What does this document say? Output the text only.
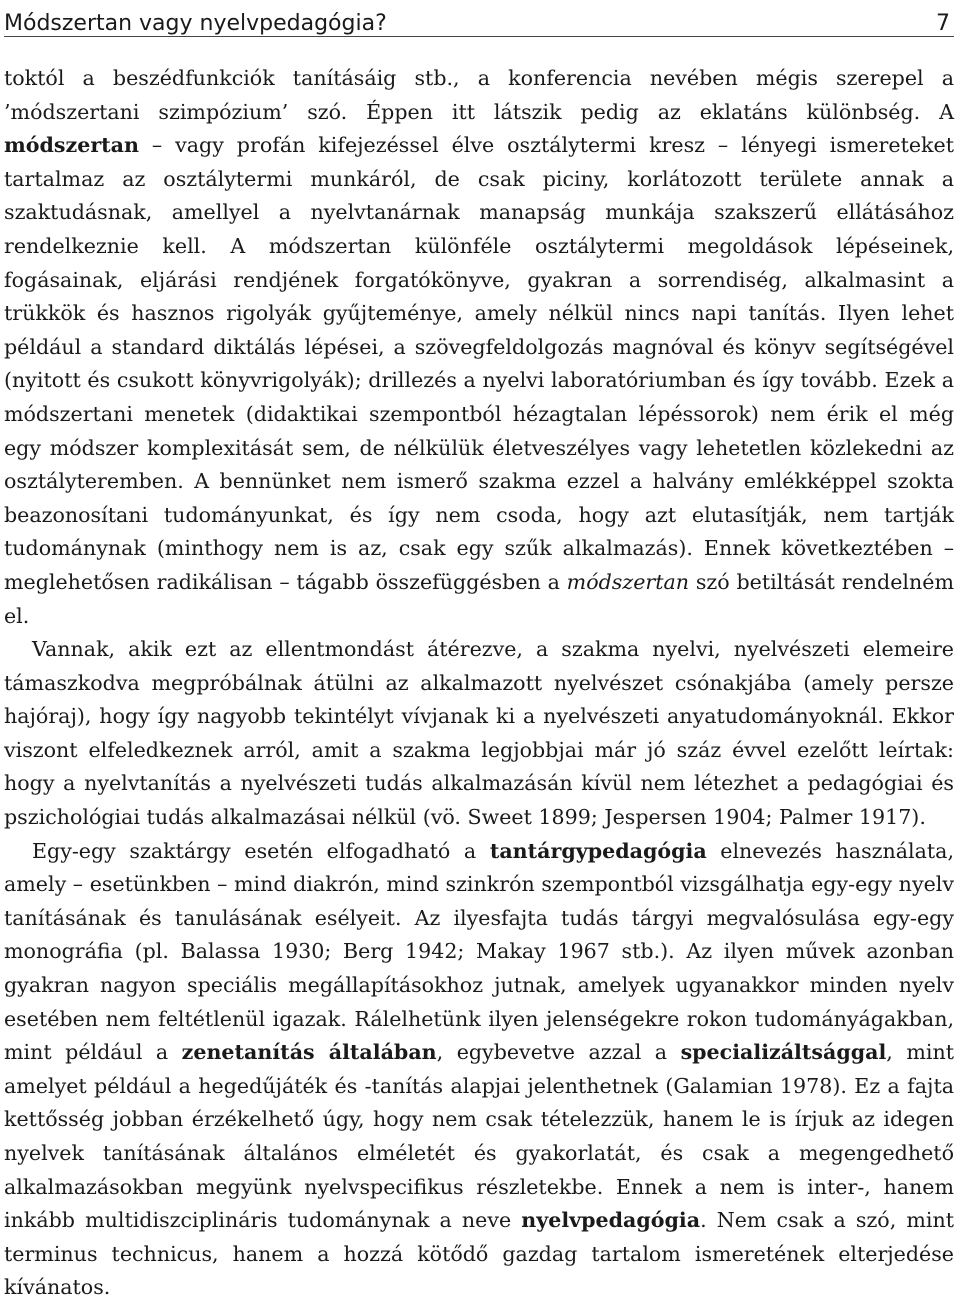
Módszertan vagy nyelvpedagógia?	7

toktól a beszédfunkciók tanításáig stb., a konferencia nevében mégis szerepel a ’módszertani szimpózium’ szó. Éppen itt látszik pedig az eklatáns különbség. A módszertan – vagy profán kifejezéssel élve osztálytermi kresz – lényegi ismereteket tartalmaz az osztálytermi munkáról, de csak piciny, korlátozott területe annak a szaktudásnak, amellyel a nyelvtanárnak manapság munkája szakszerű ellátásához rendelkeznie kell. A módszertan különféle osztálytermi megoldások lépéseinek, fogásainak, eljárási rendjének forgatókönyve, gyakran a sorrendiség, alkalmasint a trükkök és hasznos rigolyák gyűjteménye, amely nélkül nincs napi tanítás. Ilyen lehet például a standard diktálás lépései, a szövegfeldolgozás magnóval és könyv segítségével (nyitott és csukott könyvrigolyák); drillezés a nyelvi laboratóriumban és így tovább. Ezek a módszertani menetek (didaktikai szempontból hézagtalan lépéssorok) nem érik el még egy módszer komplexitását sem, de nélkülük életveszélyes vagy lehetetlen közlekedni az osztályteremben. A bennünket nem ismerő szakma ezzel a halvány emlékképpel szokta beazonosítani tudományunkat, és így nem csoda, hogy azt elutasítják, nem tartják tudománynak (minthogy nem is az, csak egy szűk alkalmazás). Ennek következtében – meglehetősen radikálisan – tágabb összefüggésben a módszertan szó betiltását rendelném el.

Vannak, akik ezt az ellentmondást átérezve, a szakma nyelvi, nyelvészeti elemeire támaszkodva megpróbálnak átülni az alkalmazott nyelvészet csónakjába (amely persze hajóraj), hogy így nagyobb tekintélyt vívjanak ki a nyelvészeti anyatudományoknál. Ekkor viszont elfeledkeznek arról, amit a szakma legjobbjai már jó száz évvel ezelőtt leírtak: hogy a nyelvtanítás a nyelvészeti tudás alkalmazásán kívül nem létezhet a pedagógiai és pszichológiai tudás alkalmazásai nélkül (vö. Sweet 1899; Jespersen 1904; Palmer 1917).

Egy-egy szaktárgy esetén elfogadható a tantárgypedagógia elnevezés használata, amely – esetünkben – mind diakrón, mind szinkrón szempontból vizsgálhatja egy-egy nyelv tanításának és tanulásának esélyeit. Az ilyesfajta tudás tárgyi megvalósulása egy-egy monográfia (pl. Balassa 1930; Berg 1942; Makay 1967 stb.). Az ilyen művek azonban gyakran nagyon speciális megállapításokhoz jutnak, amelyek ugyanakkor minden nyelv esetében nem feltétlenül igazak. Rálelhetünk ilyen jelenségekre rokon tudományágakban, mint például a zenetanítás általában, egybevetve azzal a specializáltsággal, mint amelyet például a hegedűjáték és -tanítás alapjai jelenthetnek (Galamian 1978). Ez a fajta kettősség jobban érzékelhető úgy, hogy nem csak tételezzük, hanem le is írjuk az idegen nyelvek tanításának általános elméletét és gyakorlatát, és csak a megengedhető alkalmazásokban megyünk nyelvspecifikus részletekbe. Ennek a nem is inter-, hanem inkább multidiszciplináris tudománynak a neve nyelvpedagógia. Nem csak a szó, mint terminus technicus, hanem a hozzá kötődő gazdag tartalom ismeretének elterjedése kívánatos.
